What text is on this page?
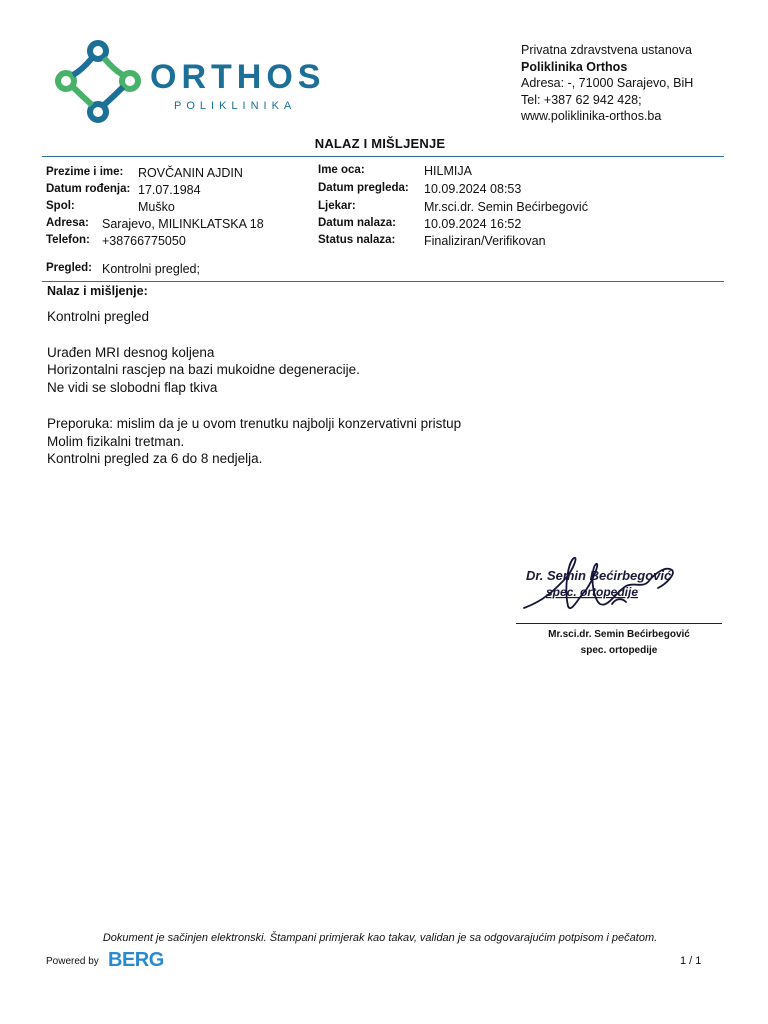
ORTHOS
POLIKLINIKA
Privatna zdravstvena ustanova
Poliklinika Orthos
Adresa: -, 71000 Sarajevo, BiH
Tel: +387 62 942 428;
www.poliklinika-orthos.ba
NALAZ I MIŠLJENJE
Prezime i ime: ROVČANIN AJDIN
Datum rođenja: 17.07.1984
Spol:	Muško
Adresa: Sarajevo, MILINKLATSKA 18
Telefon: +38766775050
Ime oca:	HILMIJA
Datum pregleda: 10.09.2024 08:53
Ljekar:	Mr.sci.dr. Semin Bećirbegović
Datum nalaza: 10.09.2024 16:52
Status nalaza: Finaliziran/Verifikovan
Pregled: Kontrolni pregled;
Nalaz i mišljenje:
Kontrolni pregled
Urađen MRI desnog koljena
Horizontalni rascjep na bazi mukoidne degeneracije.
Ne vidi se slobodni flap tkiva
Preporuka: mislim da je u ovom trenutku najbolji konzervativni pristup
Molim fizikalni tretman.
Kontrolni pregled za 6 do 8 nedjelja.
Dr. Semin Bećirbegović
spec. ortopedije
Mr.sci.dr. Semin Bećirbegović
spec. ortopedije
Dokument je sačinjen elektronski. Štampani primjerak kao takav, validan je sa odgovarajućim potpisom i pečatom.
Powered by BERG	1 / 1
